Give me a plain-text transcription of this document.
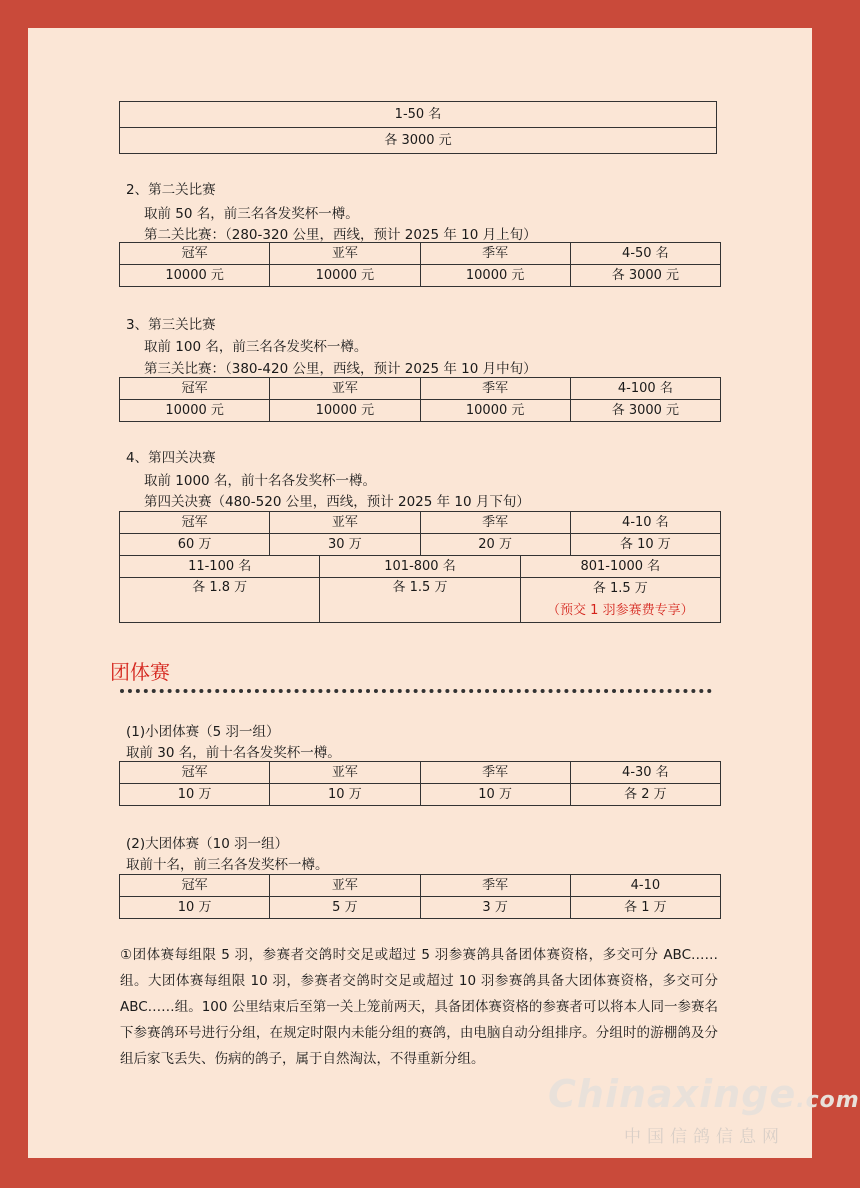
1-50 名
各 3000 元
2、第二关比赛
取前 50 名，前三名各发奖杯一樽。
第二关比赛：（280-320 公里，西线，预计 2025 年 10 月上旬）
冠军	亚军	季军	4-50 名
10000 元	10000 元	10000 元	各 3000 元
3、第三关比赛
取前 100 名，前三名各发奖杯一樽。
第三关比赛：（380-420 公里，西线，预计 2025 年 10 月中旬）
冠军	亚军	季军	4-100 名
10000 元	10000 元	10000 元	各 3000 元
4、第四关决赛
取前 1000 名，前十名各发奖杯一樽。
第四关决赛（480-520 公里，西线，预计 2025 年 10 月下旬）
冠军	亚军	季军	4-10 名
60 万	30 万	20 万	各 10 万
11-100 名	101-800 名	801-1000 名
各 1.8 万	各 1.5 万	各 1.5 万
（预交 1 羽参赛费专享）
团体赛
(1)小团体赛（5 羽一组）
取前 30 名，前十名各发奖杯一樽。
冠军	亚军	季军	4-30 名
10 万	10 万	10 万	各 2 万
(2)大团体赛（10 羽一组）
取前十名，前三名各发奖杯一樽。
冠军	亚军	季军	4-10
10 万	5 万	3 万	各 1 万
①团体赛每组限 5 羽，参赛者交鸽时交足或超过 5 羽参赛鸽具备团体赛资格，多交可分 ABC……组。大团体赛每组限 10 羽，参赛者交鸽时交足或超过 10 羽参赛鸽具备大团体赛资格，多交可分 ABC……组。100 公里结束后至第一关上笼前两天，具备团体赛资格的参赛者可以将本人同一参赛名下参赛鸽环号进行分组，在规定时限内未能分组的赛鸽，由电脑自动分组排序。分组时的游棚鸽及分组后家飞丢失、伤病的鸽子，属于自然淘汰，不得重新分组。
Chinaxinge.com
中国信鸽信息网
